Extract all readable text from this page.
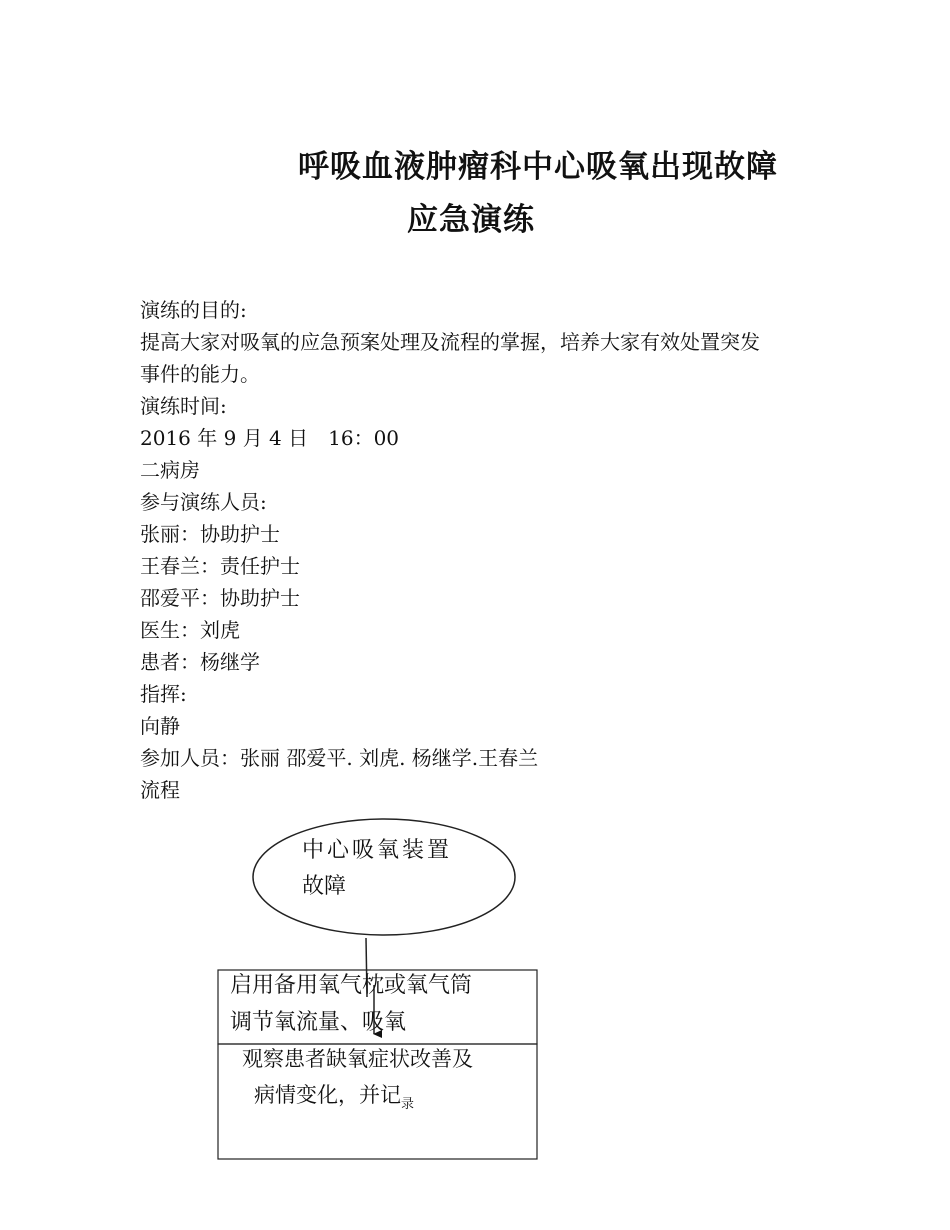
呼吸血液肿瘤科中心吸氧出现故障
应急演练
演练的目的:
提高大家对吸氧的应急预案处理及流程的掌握，培养大家有效处置突发
事件的能力。
演练时间:
2016 年 9 月 4 日　16：00
二病房
参与演练人员:
张丽：协助护士
王春兰：责任护士
邵爱平：协助护士
医生：刘虎
患者：杨继学
指挥:
向静
参加人员：张丽 邵爱平. 刘虎. 杨继学.王春兰
流程
中心吸氧装置
故障
启用备用氧气枕或氧气筒
调节氧流量、吸氧
观察患者缺氧症状改善及
病情变化，并记$_录$
